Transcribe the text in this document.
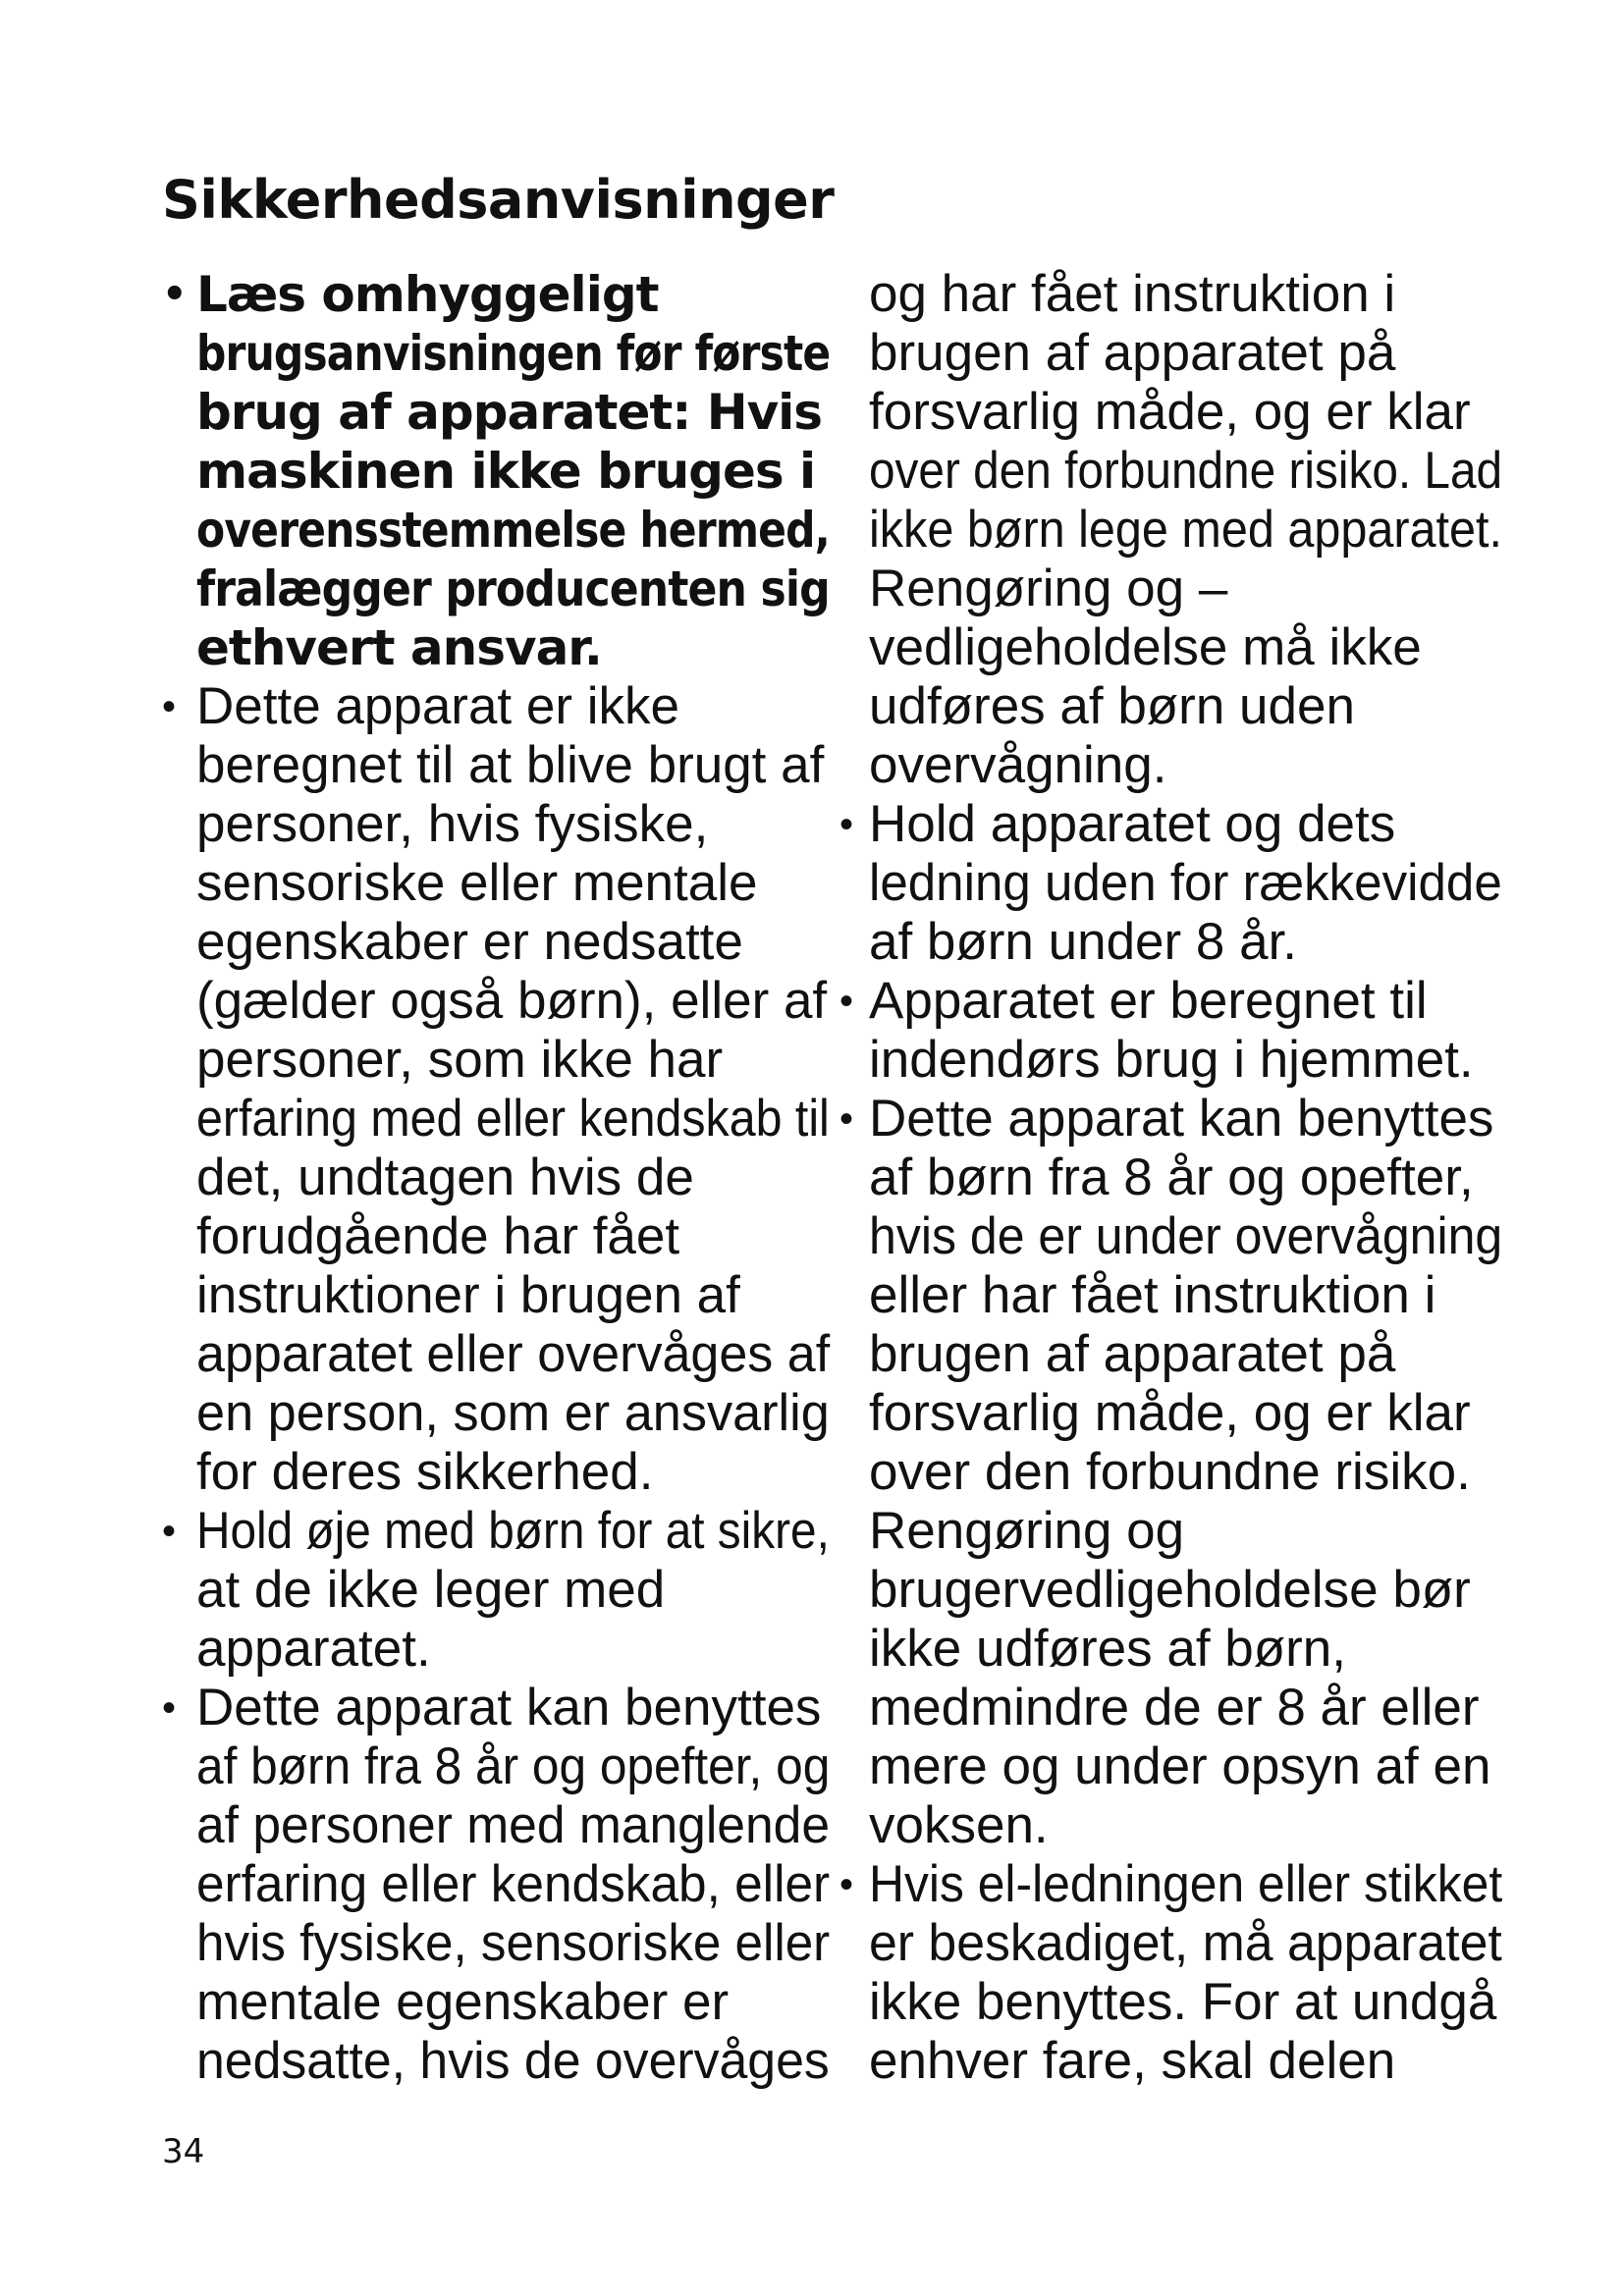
Sikkerhedsanvisninger
• Læs omhyggeligt
brugsanvisningen før første
brug af apparatet: Hvis
maskinen ikke bruges i
overensstemmelse hermed,
fralægger producenten sig
ethvert ansvar.
• Dette apparat er ikke
beregnet til at blive brugt af
personer, hvis fysiske,
sensoriske eller mentale
egenskaber er nedsatte
(gælder også børn), eller af
personer, som ikke har
erfaring med eller kendskab til
det, undtagen hvis de
forudgående har fået
instruktioner i brugen af
apparatet eller overvåges af
en person, som er ansvarlig
for deres sikkerhed.
• Hold øje med børn for at sikre,
at de ikke leger med
apparatet.
• Dette apparat kan benyttes
af børn fra 8 år og opefter, og
af personer med manglende
erfaring eller kendskab, eller
hvis fysiske, sensoriske eller
mentale egenskaber er
nedsatte, hvis de overvåges
og har fået instruktion i
brugen af apparatet på
forsvarlig måde, og er klar
over den forbundne risiko. Lad
ikke børn lege med apparatet.
Rengøring og –
vedligeholdelse må ikke
udføres af børn uden
overvågning.
• Hold apparatet og dets
ledning uden for rækkevidde
af børn under 8 år.
• Apparatet er beregnet til
indendørs brug i hjemmet.
• Dette apparat kan benyttes
af børn fra 8 år og opefter,
hvis de er under overvågning
eller har fået instruktion i
brugen af apparatet på
forsvarlig måde, og er klar
over den forbundne risiko.
Rengøring og
brugervedligeholdelse bør
ikke udføres af børn,
medmindre de er 8 år eller
mere og under opsyn af en
voksen.
• Hvis el-ledningen eller stikket
er beskadiget, må apparatet
ikke benyttes. For at undgå
enhver fare, skal delen
34
